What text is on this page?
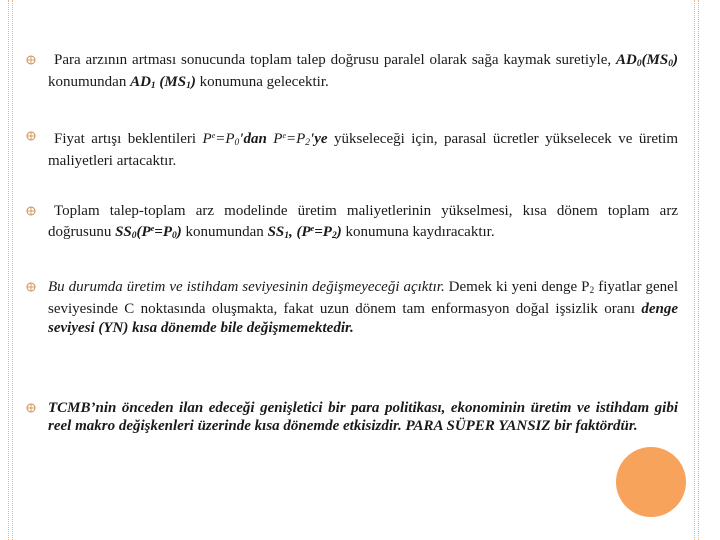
Para arzının artması sonucunda toplam talep doğrusu paralel olarak sağa kaymak suretiyle, $AD_0(MS_0)$ konumundan $AD_1$ $(MS_1)$ konumuna gelecektir.
Fiyat artışı beklentileri $P^e=P_0'dan$ $P^e=P_2'ye$ yükseleceği için, parasal ücretler yükselecek ve üretim maliyetleri artacaktır.
Toplam talep-toplam arz modelinde üretim maliyetlerinin yükselmesi, kısa dönem toplam arz doğrusunu $SS_0(P^e=P_0)$ konumundan $SS_1$, $(P^e=P_2)$ konumuna kaydıracaktır.
Bu durumda üretim ve istihdam seviyesinin değişmeyeceği açıktır. Demek ki yeni denge $P_2$ fiyatlar genel seviyesinde C noktasında oluşmakta, fakat uzun dönem tam enformasyon doğal işsizlik oranı denge seviyesi (YN) kısa dönemde bile değişmemektedir.
TCMB’nin önceden ilan edeceği genişletici bir para politikası, ekonominin üretim ve istihdam gibi reel makro değişkenleri üzerinde kısa dönemde etkisizdir. PARA SÜPER YANSIZ bir faktördür.
